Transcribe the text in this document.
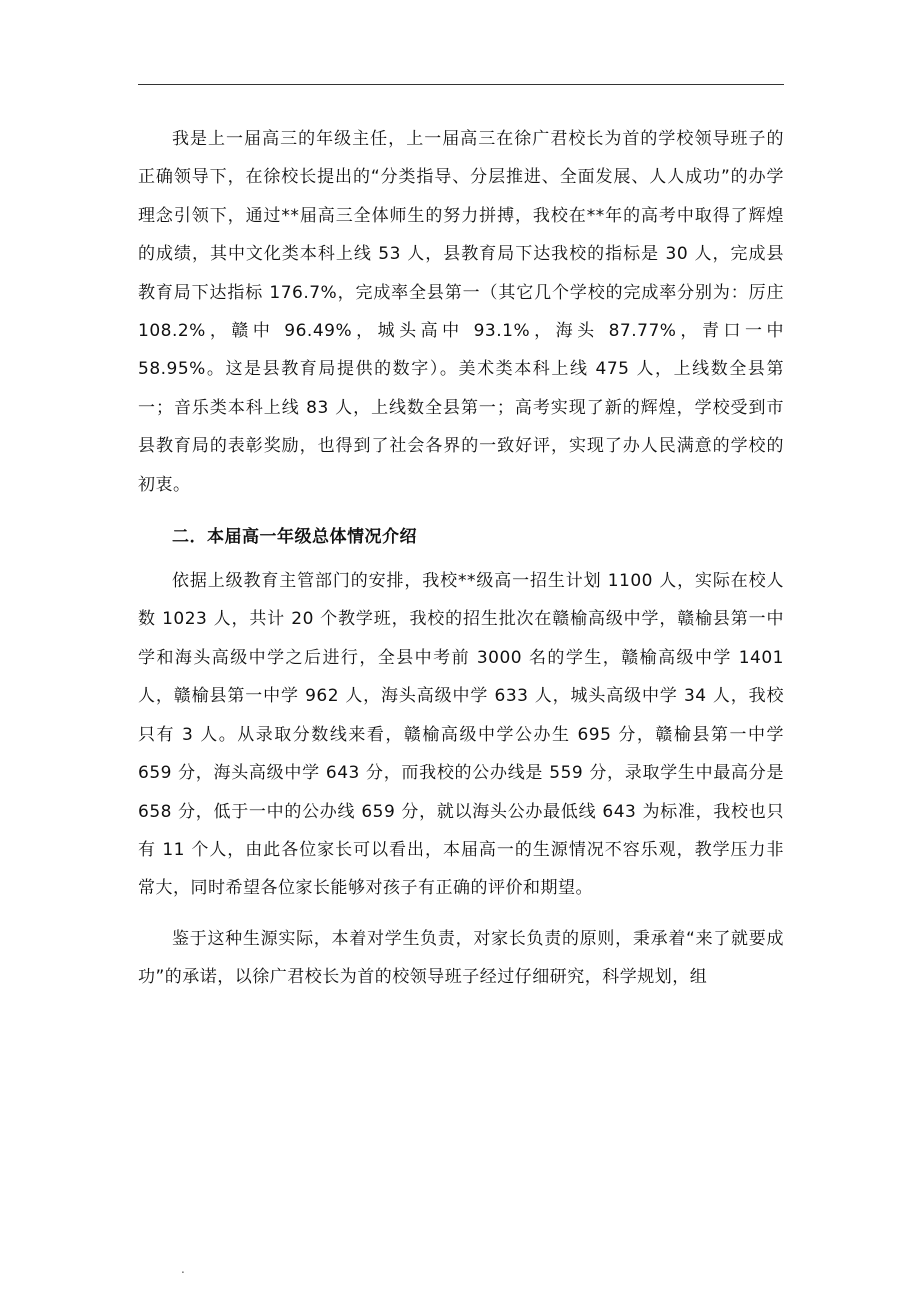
我是上一届高三的年级主任，上一届高三在徐广君校长为首的学校领导班子的正确领导下，在徐校长提出的“分类指导、分层推进、全面发展、人人成功”的办学理念引领下，通过**届高三全体师生的努力拼搏，我校在**年的高考中取得了辉煌的成绩，其中文化类本科上线 53 人，县教育局下达我校的指标是 30 人，完成县教育局下达指标 176.7%，完成率全县第一（其它几个学校的完成率分别为：厉庄 108.2%，赣中 96.49%，城头高中 93.1%，海头 87.77%，青口一中 58.95%。这是县教育局提供的数字）。美术类本科上线 475 人，上线数全县第一；音乐类本科上线 83 人，上线数全县第一；高考实现了新的辉煌，学校受到市县教育局的表彰奖励，也得到了社会各界的一致好评，实现了办人民满意的学校的初衷。

二．本届高一年级总体情况介绍

依据上级教育主管部门的安排，我校**级高一招生计划 1100 人，实际在校人数 1023 人，共计 20 个教学班，我校的招生批次在赣榆高级中学，赣榆县第一中学和海头高级中学之后进行，全县中考前 3000 名的学生，赣榆高级中学 1401 人，赣榆县第一中学 962 人，海头高级中学 633 人，城头高级中学 34 人，我校只有 3 人。从录取分数线来看，赣榆高级中学公办生 695 分，赣榆县第一中学 659 分，海头高级中学 643 分，而我校的公办线是 559 分，录取学生中最高分是 658 分，低于一中的公办线 659 分，就以海头公办最低线 643 为标准，我校也只有 11 个人，由此各位家长可以看出，本届高一的生源情况不容乐观，教学压力非常大，同时希望各位家长能够对孩子有正确的评价和期望。

鉴于这种生源实际，本着对学生负责，对家长负责的原则，秉承着“来了就要成功”的承诺，以徐广君校长为首的校领导班子经过仔细研究，科学规划，组

.
